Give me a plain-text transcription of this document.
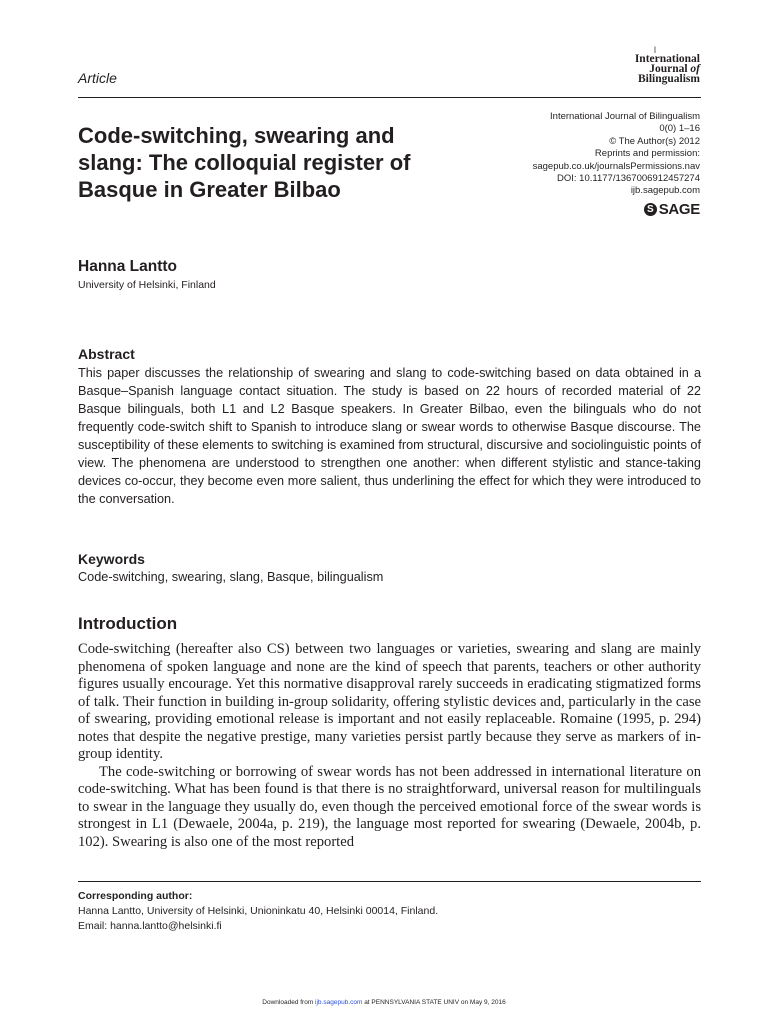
ǀ
International
Journal of
Bilingualism
Article
Code-switching, swearing and
slang: The colloquial register of
Basque in Greater Bilbao
International Journal of Bilingualism
0(0) 1–16
© The Author(s) 2012
Reprints and permission:
sagepub.co.uk/journalsPermissions.nav
DOI: 10.1177/1367006912457274
ijb.sagepub.com
S SAGE
Hanna Lantto
University of Helsinki, Finland
Abstract
This paper discusses the relationship of swearing and slang to code-switching based on data obtained in a Basque–Spanish language contact situation. The study is based on 22 hours of recorded material of 22 Basque bilinguals, both L1 and L2 Basque speakers. In Greater Bilbao, even the bilinguals who do not frequently code-switch shift to Spanish to introduce slang or swear words to otherwise Basque discourse. The susceptibility of these elements to switching is examined from structural, discursive and sociolinguistic points of view. The phenomena are understood to strengthen one another: when different stylistic and stance-taking devices co-occur, they become even more salient, thus underlining the effect for which they were introduced to the conversation.
Keywords
Code-switching, swearing, slang, Basque, bilingualism
Introduction

Code-switching (hereafter also CS) between two languages or varieties, swearing and slang are mainly phenomena of spoken language and none are the kind of speech that parents, teachers or other authority figures usually encourage. Yet this normative disapproval rarely succeeds in eradicating stigmatized forms of talk. Their function in building in-group solidarity, offering stylistic devices and, particularly in the case of swearing, providing emotional release is important and not easily replaceable. Romaine (1995, p. 294) notes that despite the negative prestige, many varieties persist partly because they serve as markers of in-group identity.

The code-switching or borrowing of swear words has not been addressed in international literature on code-switching. What has been found is that there is no straightforward, universal reason for multilinguals to swear in the language they usually do, even though the perceived emotional force of the swear words is strongest in L1 (Dewaele, 2004a, p. 219), the language most reported for swearing (Dewaele, 2004b, p. 102). Swearing is also one of the most reported

Corresponding author:
Hanna Lantto, University of Helsinki, Unioninkatu 40, Helsinki 00014, Finland.
Email: hanna.lantto@helsinki.fi
Downloaded from ijb.sagepub.com at PENNSYLVANIA STATE UNIV on May 9, 2016
